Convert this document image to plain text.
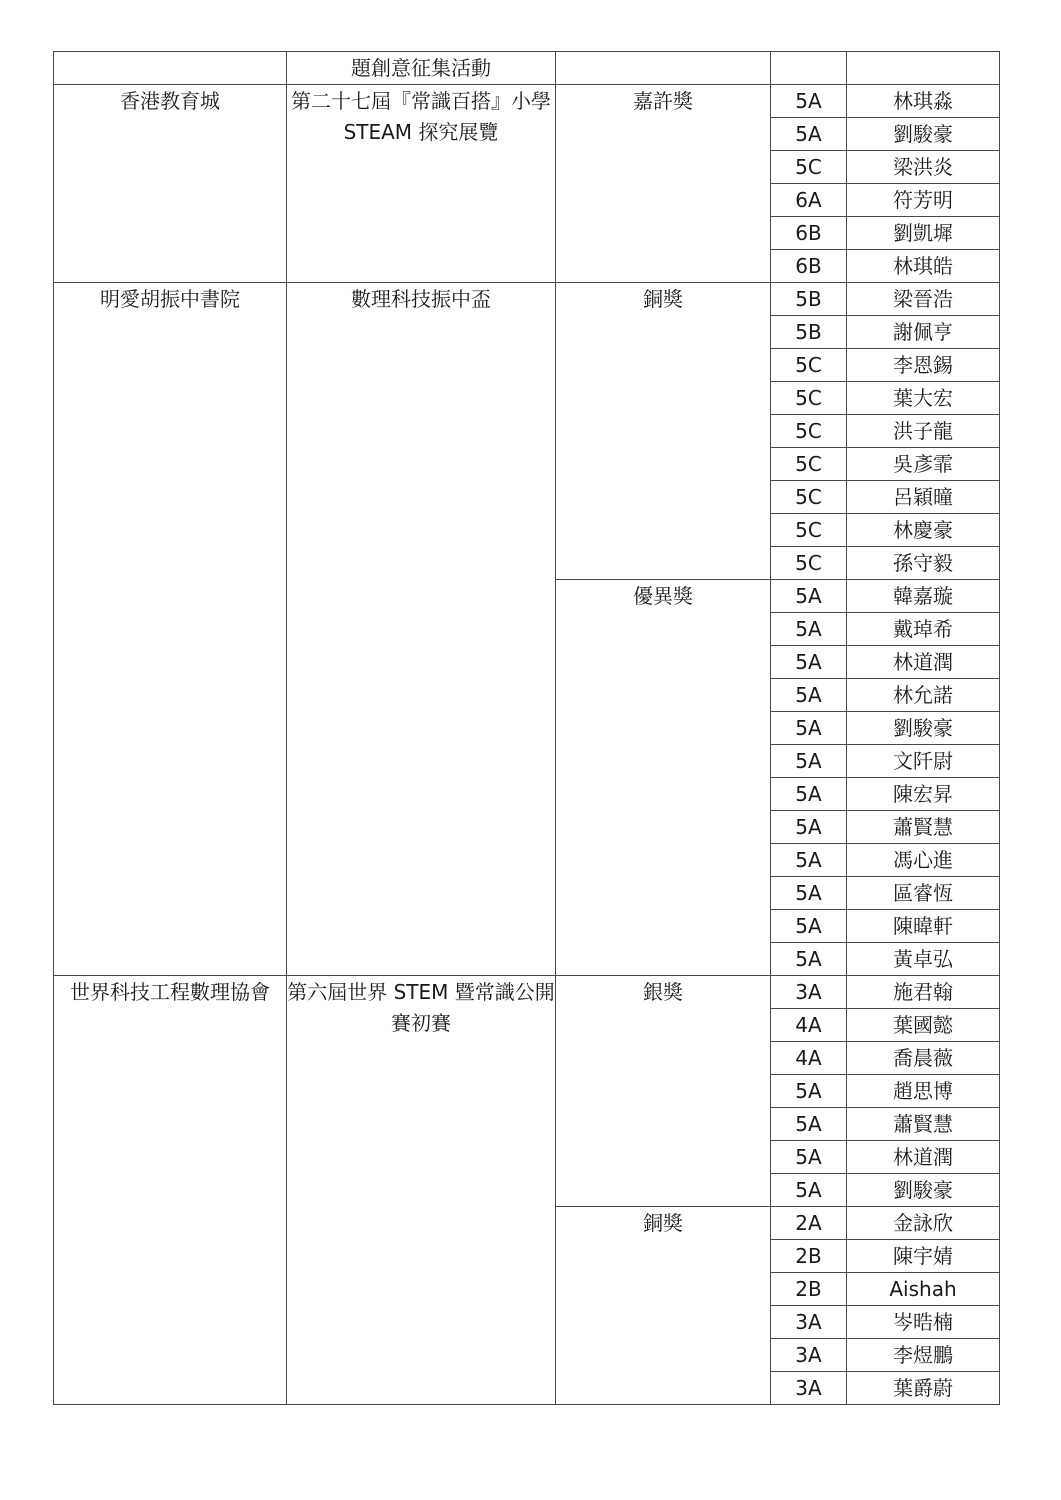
	題創意征集活動			
香港教育城	第二十七屆『常識百搭』小學 STEAM 探究展覽	嘉許獎	5A	林琪淼
			5A	劉駿豪
			5C	梁洪炎
			6A	符芳明
			6B	劉凱墀
			6B	林琪皓
明愛胡振中書院	數理科技振中盃	銅獎	5B	梁晉浩
			5B	謝佩亨
			5C	李恩錫
			5C	葉大宏
			5C	洪子龍
			5C	吳彥霏
			5C	呂穎曈
			5C	林慶豪
			5C	孫守毅
		優異獎	5A	韓嘉璇
			5A	戴琸希
			5A	林道潤
			5A	林允諾
			5A	劉駿豪
			5A	文阡尉
			5A	陳宏昇
			5A	蕭賢慧
			5A	馮心進
			5A	區睿恆
			5A	陳暐軒
			5A	黃卓弘
世界科技工程數理協會	第六屆世界 STEM 暨常識公開賽初賽	銀獎	3A	施君翰
			4A	葉國懿
			4A	喬晨薇
			5A	趙思博
			5A	蕭賢慧
			5A	林道潤
			5A	劉駿豪
		銅獎	2A	金詠欣
			2B	陳宇婧
			2B	Aishah
			3A	岑晧楠
			3A	李煜鵬
			3A	葉爵蔚
